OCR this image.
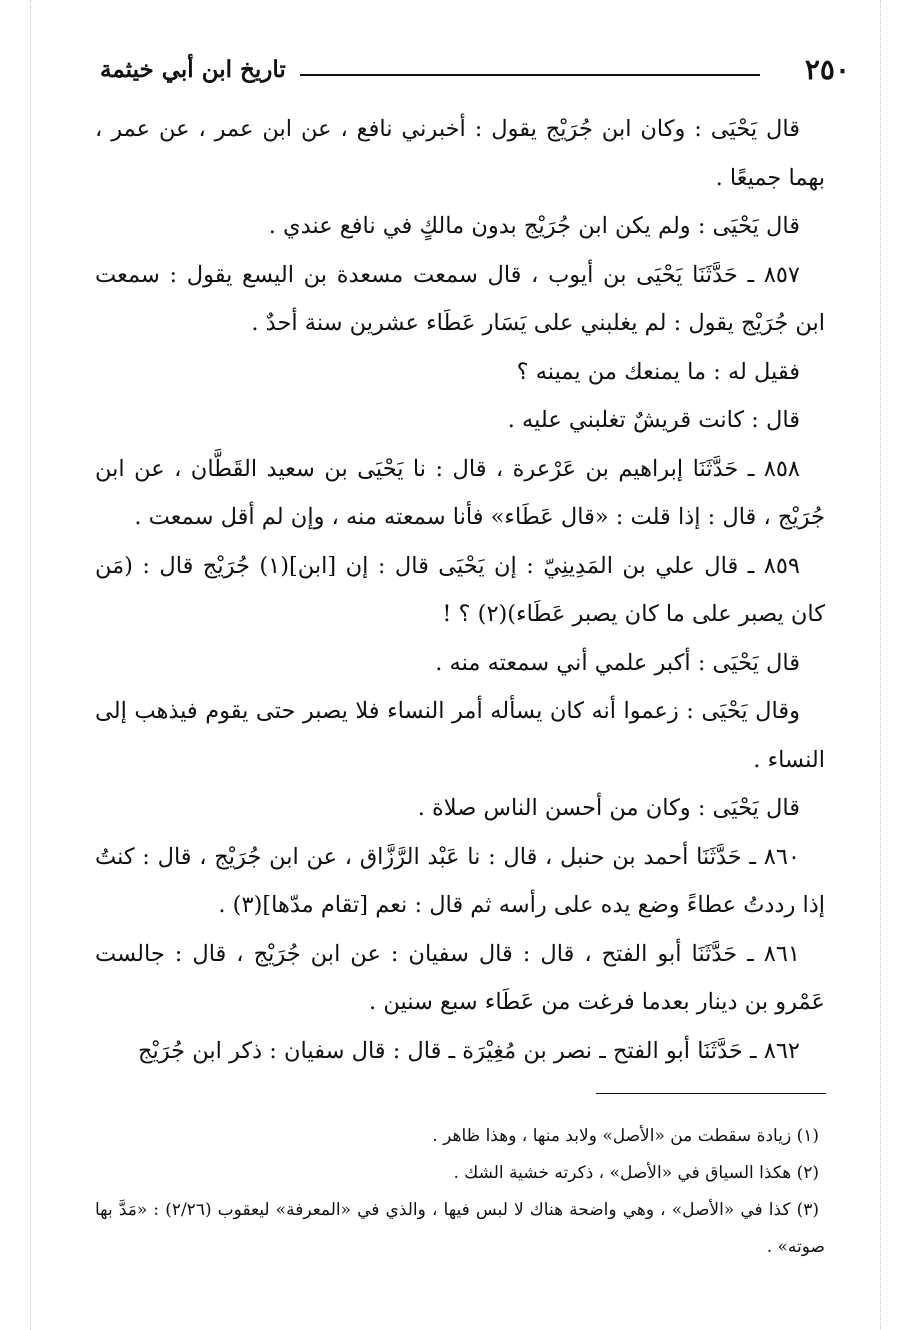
٢٥٠
تاريخ ابن أبي خيثمة

قال يَحْيَى : وكان ابن جُرَيْج يقول : أخبرني نافع ، عن ابن عمر ، عن عمر ، بهما جميعًا .

قال يَحْيَى : ولم يكن ابن جُرَيْج بدون مالكٍ في نافع عندي .

٨٥٧ ـ حَدَّثَنَا يَحْيَى بن أيوب ، قال سمعت مسعدة بن اليسع يقول : سمعت ابن جُرَيْج يقول : لم يغلبني على يَسَار عَطَاء عشرين سنة أحدٌ .

فقيل له : ما يمنعك من يمينه ؟

قال : كانت قريشٌ تغلبني عليه .

٨٥٨ ـ حَدَّثَنَا إبراهيم بن عَرْعرة ، قال : نا يَحْيَى بن سعيد القَطَّان ، عن ابن جُرَيْج ، قال : إذا قلت : «قال عَطَاء» فأنا سمعته منه ، وإن لم أقل سمعت .

٨٥٩ ـ قال علي بن المَدِينِيّ : إن يَحْيَى قال : إن [ابن](١) جُرَيْج قال : (مَن كان يصبر على ما كان يصبر عَطَاء)(٢) ؟ !

قال يَحْيَى : أكبر علمي أني سمعته منه .

وقال يَحْيَى : زعموا أنه كان يسأله أمر النساء فلا يصبر حتى يقوم فيذهب إلى النساء .

قال يَحْيَى : وكان من أحسن الناس صلاة .

٨٦٠ ـ حَدَّثَنَا أحمد بن حنبل ، قال : نا عَبْد الرَّزَّاق ، عن ابن جُرَيْج ، قال : كنتُ إذا رددتُ عطاءً وضع يده على رأسه ثم قال : نعم [تقام مدّها](٣) .

٨٦١ ـ حَدَّثَنَا أبو الفتح ، قال : قال سفيان : عن ابن جُرَيْج ، قال : جالست عَمْرو بن دينار بعدما فرغت من عَطَاء سبع سنين .

٨٦٢ ـ حَدَّثَنَا أبو الفتح ـ نصر بن مُغِيْرَة ـ قال : قال سفيان : ذكر ابن جُرَيْج

(١) زيادة سقطت من «الأصل» ولابد منها ، وهذا ظاهر .

(٢) هكذا السياق في «الأصل» ، ذكرته خشية الشك .

(٣) كذا في «الأصل» ، وهي واضحة هناك لا لبس فيها ، والذي في «المعرفة» ليعقوب (٢/٢٦) : «مَدَّ بها صوته» .
